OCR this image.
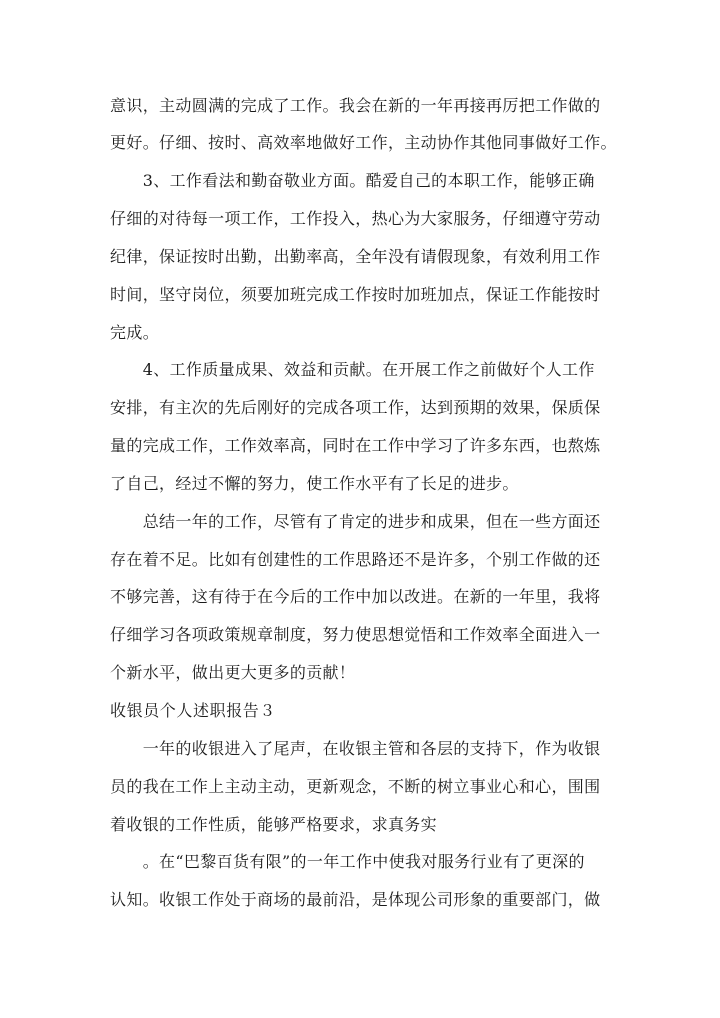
意识，主动圆满的完成了工作。我会在新的一年再接再厉把工作做的
更好。仔细、按时、高效率地做好工作，主动协作其他同事做好工作。
　　3、工作看法和勤奋敬业方面。酷爱自己的本职工作，能够正确
仔细的对待每一项工作，工作投入，热心为大家服务，仔细遵守劳动
纪律，保证按时出勤，出勤率高，全年没有请假现象，有效利用工作
时间，坚守岗位，须要加班完成工作按时加班加点，保证工作能按时
完成。
　　4、工作质量成果、效益和贡献。在开展工作之前做好个人工作
安排，有主次的先后刚好的完成各项工作，达到预期的效果，保质保
量的完成工作，工作效率高，同时在工作中学习了许多东西，也熬炼
了自己，经过不懈的努力，使工作水平有了长足的进步。
　　总结一年的工作，尽管有了肯定的进步和成果，但在一些方面还
存在着不足。比如有创建性的工作思路还不是许多，个别工作做的还
不够完善，这有待于在今后的工作中加以改进。在新的一年里，我将
仔细学习各项政策规章制度，努力使思想觉悟和工作效率全面进入一
个新水平，做出更大更多的贡献！
收银员个人述职报告３
　　一年的收银进入了尾声，在收银主管和各层的支持下，作为收银
员的我在工作上主动主动，更新观念，不断的树立事业心和心，围围
着收银的工作性质，能够严格要求，求真务实
　　。在“巴黎百货有限”的一年工作中使我对服务行业有了更深的
认知。收银工作处于商场的最前沿，是体现公司形象的重要部门，做
